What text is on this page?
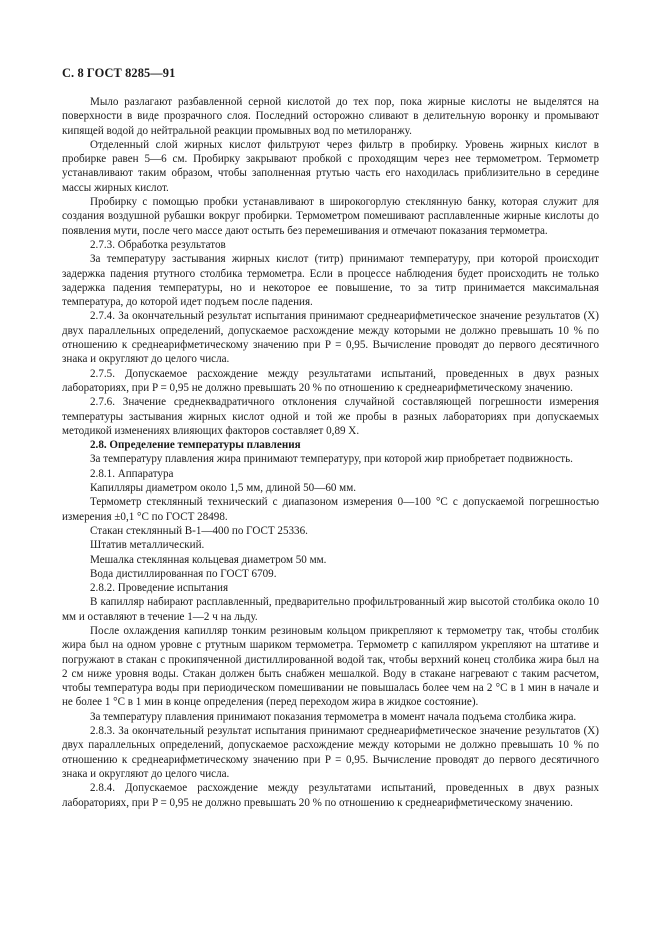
С. 8 ГОСТ 8285—91

Мыло разлагают разбавленной серной кислотой до тех пор, пока жирные кислоты не выделятся на поверхности в виде прозрачного слоя. Последний осторожно сливают в делительную воронку и промывают кипящей водой до нейтральной реакции промывных вод по метилоранжу.

Отделенный слой жирных кислот фильтруют через фильтр в пробирку. Уровень жирных кислот в пробирке равен 5—6 см. Пробирку закрывают пробкой с проходящим через нее термометром. Термометр устанавливают таким образом, чтобы заполненная ртутью часть его находилась приблизительно в середине массы жирных кислот.

Пробирку с помощью пробки устанавливают в широкогорлую стеклянную банку, которая служит для создания воздушной рубашки вокруг пробирки. Термометром помешивают расплавленные жирные кислоты до появления мути, после чего массе дают остыть без перемешивания и отмечают показания термометра.

2.7.3. Обработка результатов

За температуру застывания жирных кислот (титр) принимают температуру, при которой происходит задержка падения ртутного столбика термометра. Если в процессе наблюдения будет происходить не только задержка падения температуры, но и некоторое ее повышение, то за титр принимается максимальная температура, до которой идет подъем после падения.

2.7.4. За окончательный результат испытания принимают среднеарифметическое значение результатов (X) двух параллельных определений, допускаемое расхождение между которыми не должно превышать 10 % по отношению к среднеарифметическому значению при P = 0,95. Вычисление проводят до первого десятичного знака и округляют до целого числа.

2.7.5. Допускаемое расхождение между результатами испытаний, проведенных в двух разных лабораториях, при P = 0,95 не должно превышать 20 % по отношению к среднеарифметическому значению.

2.7.6. Значение среднеквадратичного отклонения случайной составляющей погрешности измерения температуры застывания жирных кислот одной и той же пробы в разных лабораториях при допускаемых методикой изменениях влияющих факторов составляет 0,89 X.

2.8. Определение температуры плавления

За температуру плавления жира принимают температуру, при которой жир приобретает подвижность.

2.8.1. Аппаратура

Капилляры диаметром около 1,5 мм, длиной 50—60 мм.

Термометр стеклянный технический с диапазоном измерения 0—100 °С с допускаемой погрешностью измерения ±0,1 °С по ГОСТ 28498.

Стакан стеклянный В-1—400 по ГОСТ 25336.

Штатив металлический.

Мешалка стеклянная кольцевая диаметром 50 мм.

Вода дистиллированная по ГОСТ 6709.

2.8.2. Проведение испытания

В капилляр набирают расплавленный, предварительно профильтрованный жир высотой столбика около 10 мм и оставляют в течение 1—2 ч на льду.

После охлаждения капилляр тонким резиновым кольцом прикрепляют к термометру так, чтобы столбик жира был на одном уровне с ртутным шариком термометра. Термометр с капилляром укрепляют на штативе и погружают в стакан с прокипяченной дистиллированной водой так, чтобы верхний конец столбика жира был на 2 см ниже уровня воды. Стакан должен быть снабжен мешалкой. Воду в стакане нагревают с таким расчетом, чтобы температура воды при периодическом помешивании не повышалась более чем на 2 °С в 1 мин в начале и не более 1 °С в 1 мин в конце определения (перед переходом жира в жидкое состояние).

За температуру плавления принимают показания термометра в момент начала подъема столбика жира.

2.8.3. За окончательный результат испытания принимают среднеарифметическое значение результатов (X) двух параллельных определений, допускаемое расхождение между которыми не должно превышать 10 % по отношению к среднеарифметическому значению при P = 0,95. Вычисление проводят до первого десятичного знака и округляют до целого числа.

2.8.4. Допускаемое расхождение между результатами испытаний, проведенных в двух разных лабораториях, при P = 0,95 не должно превышать 20 % по отношению к среднеарифметическому значению.
